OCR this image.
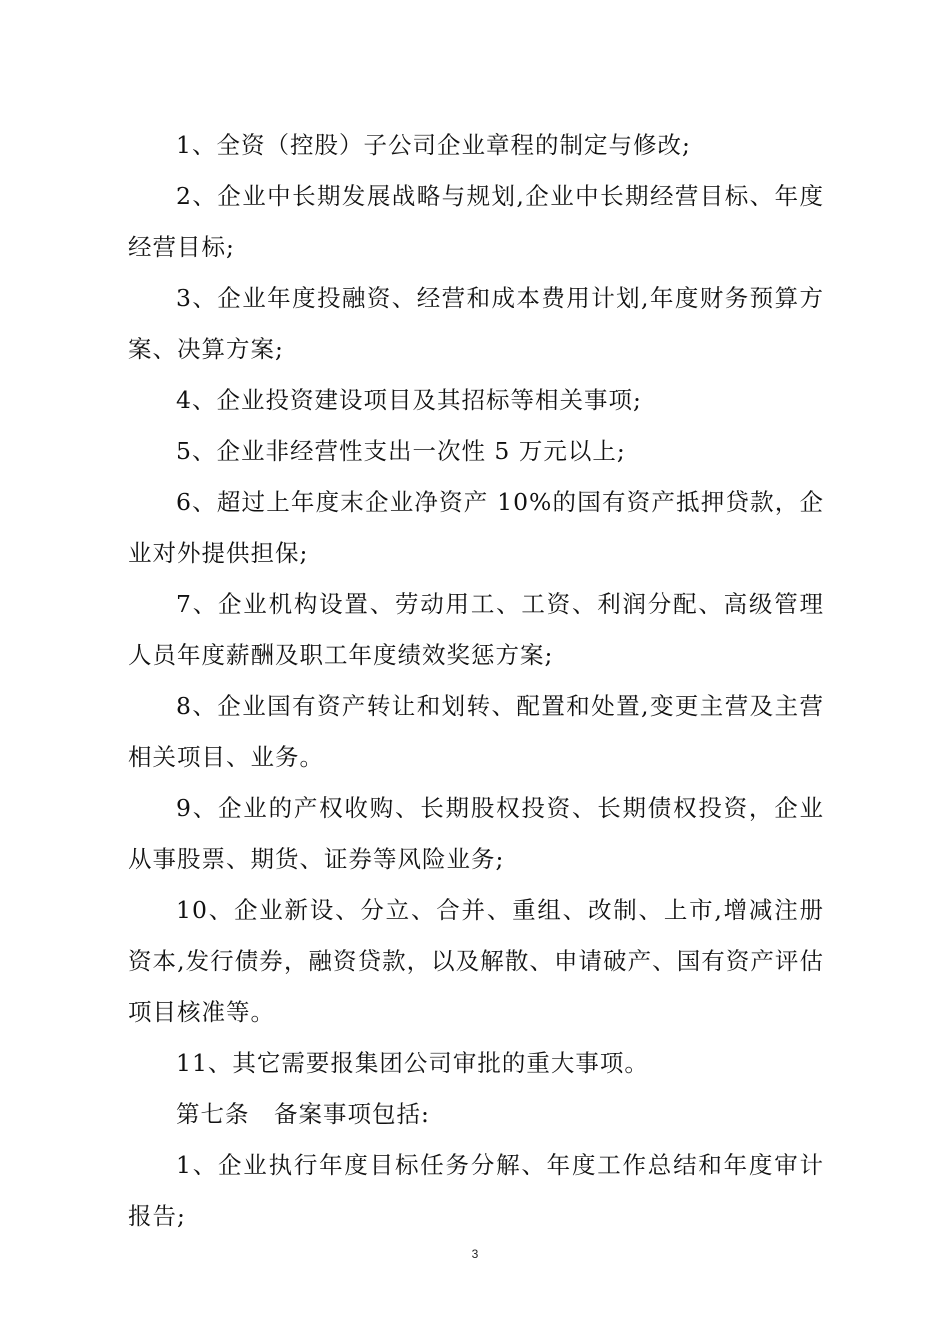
1、全资（控股）子公司企业章程的制定与修改;

2、企业中长期发展战略与规划,企业中长期经营目标、年度经营目标;

3、企业年度投融资、经营和成本费用计划,年度财务预算方案、决算方案;

4、企业投资建设项目及其招标等相关事项;

5、企业非经营性支出一次性 5 万元以上;

6、超过上年度末企业净资产 10%的国有资产抵押贷款，企业对外提供担保;

7、企业机构设置、劳动用工、工资、利润分配、高级管理人员年度薪酬及职工年度绩效奖惩方案;

8、企业国有资产转让和划转、配置和处置,变更主营及主营相关项目、业务。

9、企业的产权收购、长期股权投资、长期债权投资，企业从事股票、期货、证券等风险业务;

10、企业新设、分立、合并、重组、改制、上市,增减注册资本,发行债券，融资贷款，以及解散、申请破产、国有资产评估项目核准等。

11、其它需要报集团公司审批的重大事项。

第七条　备案事项包括:

1、企业执行年度目标任务分解、年度工作总结和年度审计报告;

3
